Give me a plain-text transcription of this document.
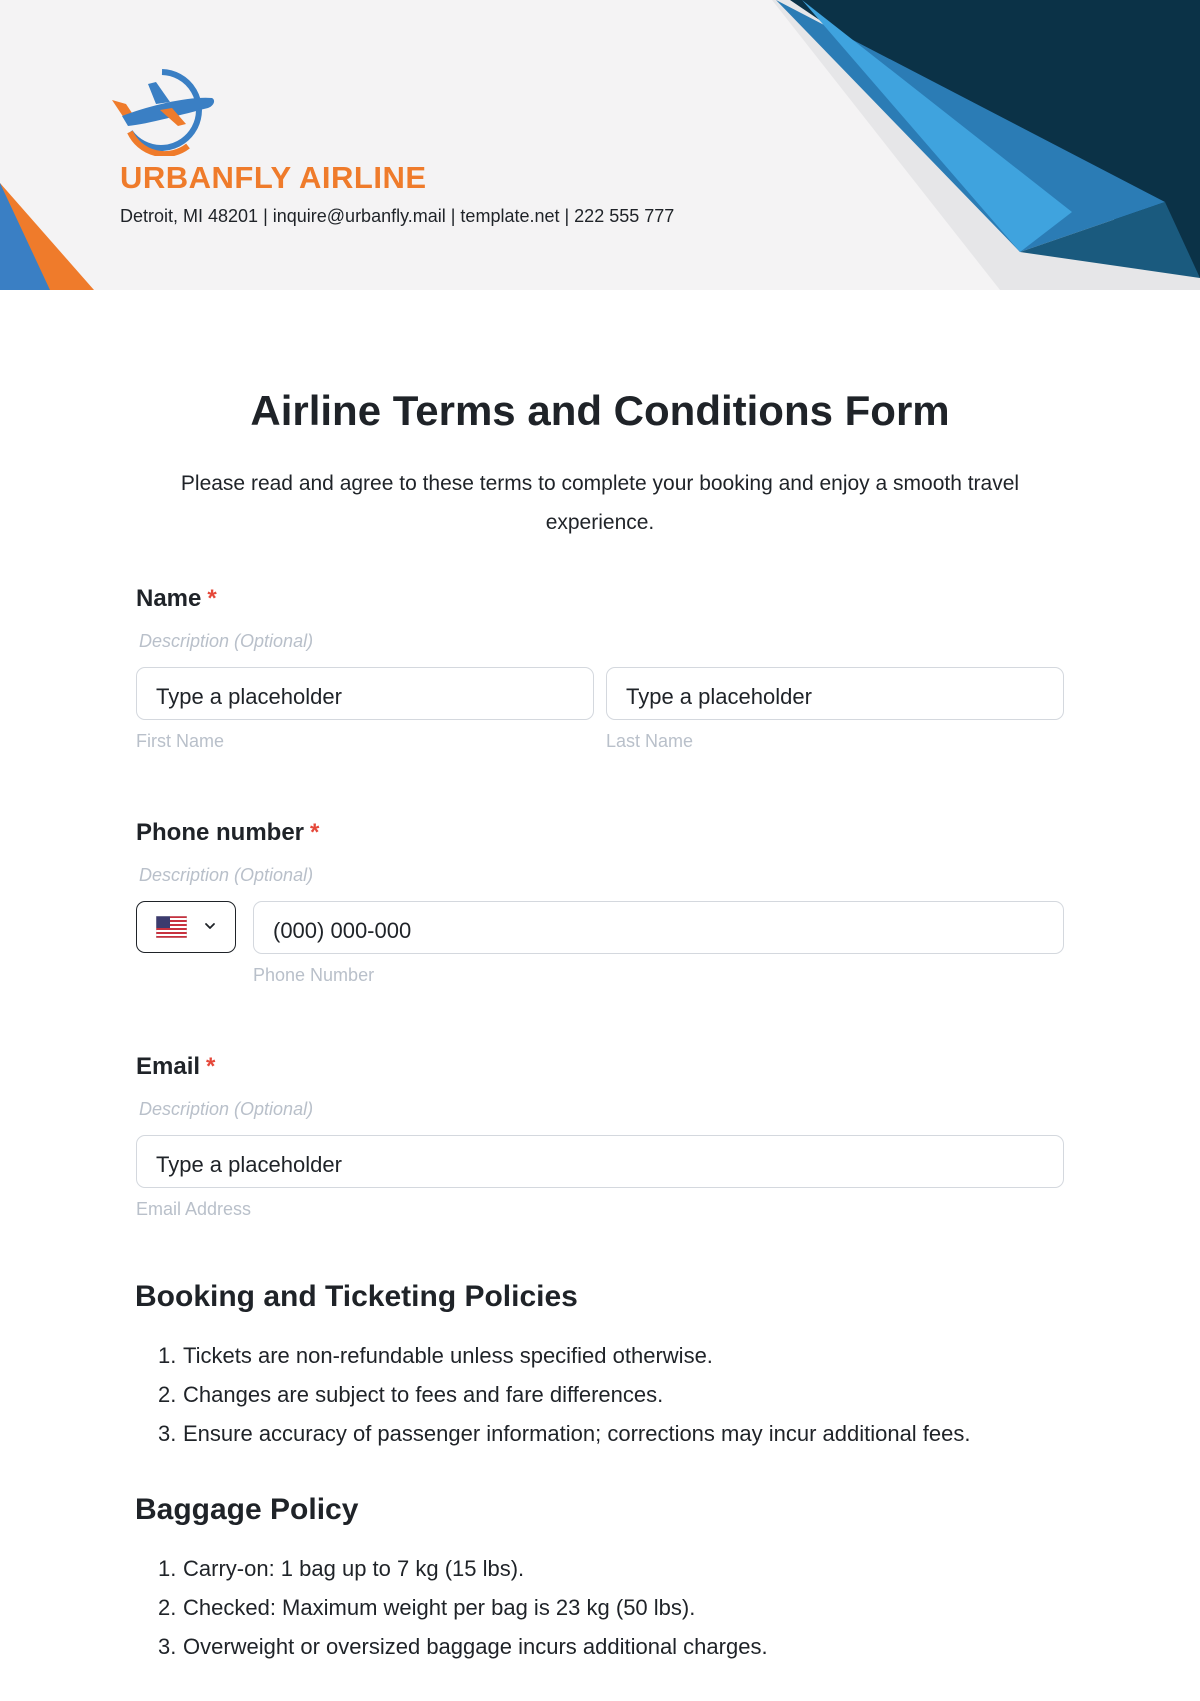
URBANFLY AIRLINE
Detroit, MI 48201 | inquire@urbanfly.mail | template.net | 222 555 777
Airline Terms and Conditions Form

Please read and agree to these terms to complete your booking and enjoy a smooth travel experience.

Name *
Description (Optional)
Type a placeholder
First Name
Type a placeholder
Last Name
Phone number *
Description (Optional)
(000) 000-000
Phone Number
Email *
Description (Optional)
Type a placeholder
Email Address
Booking and Ticketing Policies
1. Tickets are non-refundable unless specified otherwise.
2. Changes are subject to fees and fare differences.
3. Ensure accuracy of passenger information; corrections may incur additional fees.
Baggage Policy
1. Carry-on: 1 bag up to 7 kg (15 lbs).
2. Checked: Maximum weight per bag is 23 kg (50 lbs).
3. Overweight or oversized baggage incurs additional charges.
